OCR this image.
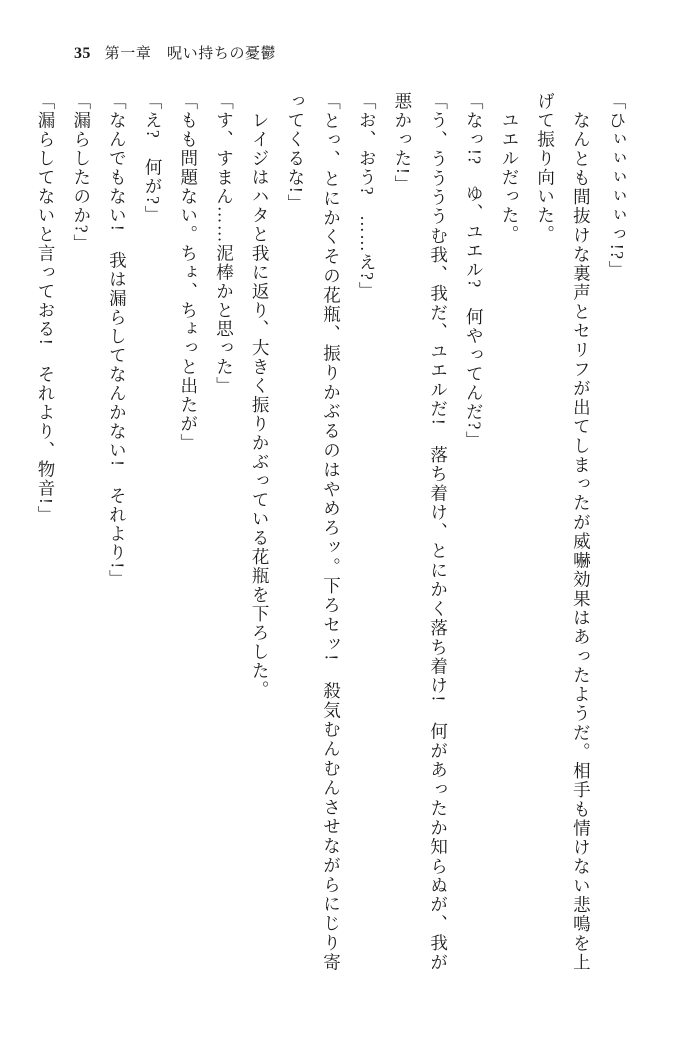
35 第一章　呪い持ちの憂鬱

「ひぃぃぃぃぃっ!?」

　なんとも間抜けな裏声とセリフが出てしまったが威嚇効果はあったようだ。相手も情けない悲鳴を上げて振り向いた。

　ユエルだった。

「なっ!?　ゆ、ユエル?　何やってんだ?」

「う、ううううむ我、我だ、ユエルだ!　落ち着け、とにかく落ち着け!　何があったか知らぬが、我が悪かった!」

「お、おう?　……え?」

「とっ、とにかくその花瓶、振りかぶるのはやめろッ。下ろセッ!　殺気むんむんさせながらにじり寄ってくるな!」

　レイジはハタと我に返り、大きく振りかぶっている花瓶を下ろした。

「す、すまん……泥棒かと思った」

「もも問題ない。ちょ、ちょっと出たが」

「え?　何が?」

「なんでもない!　我は漏らしてなんかない!　それより!」

「漏らしたのか?」

「漏らしてないと言っておる!　それより、物音!」
